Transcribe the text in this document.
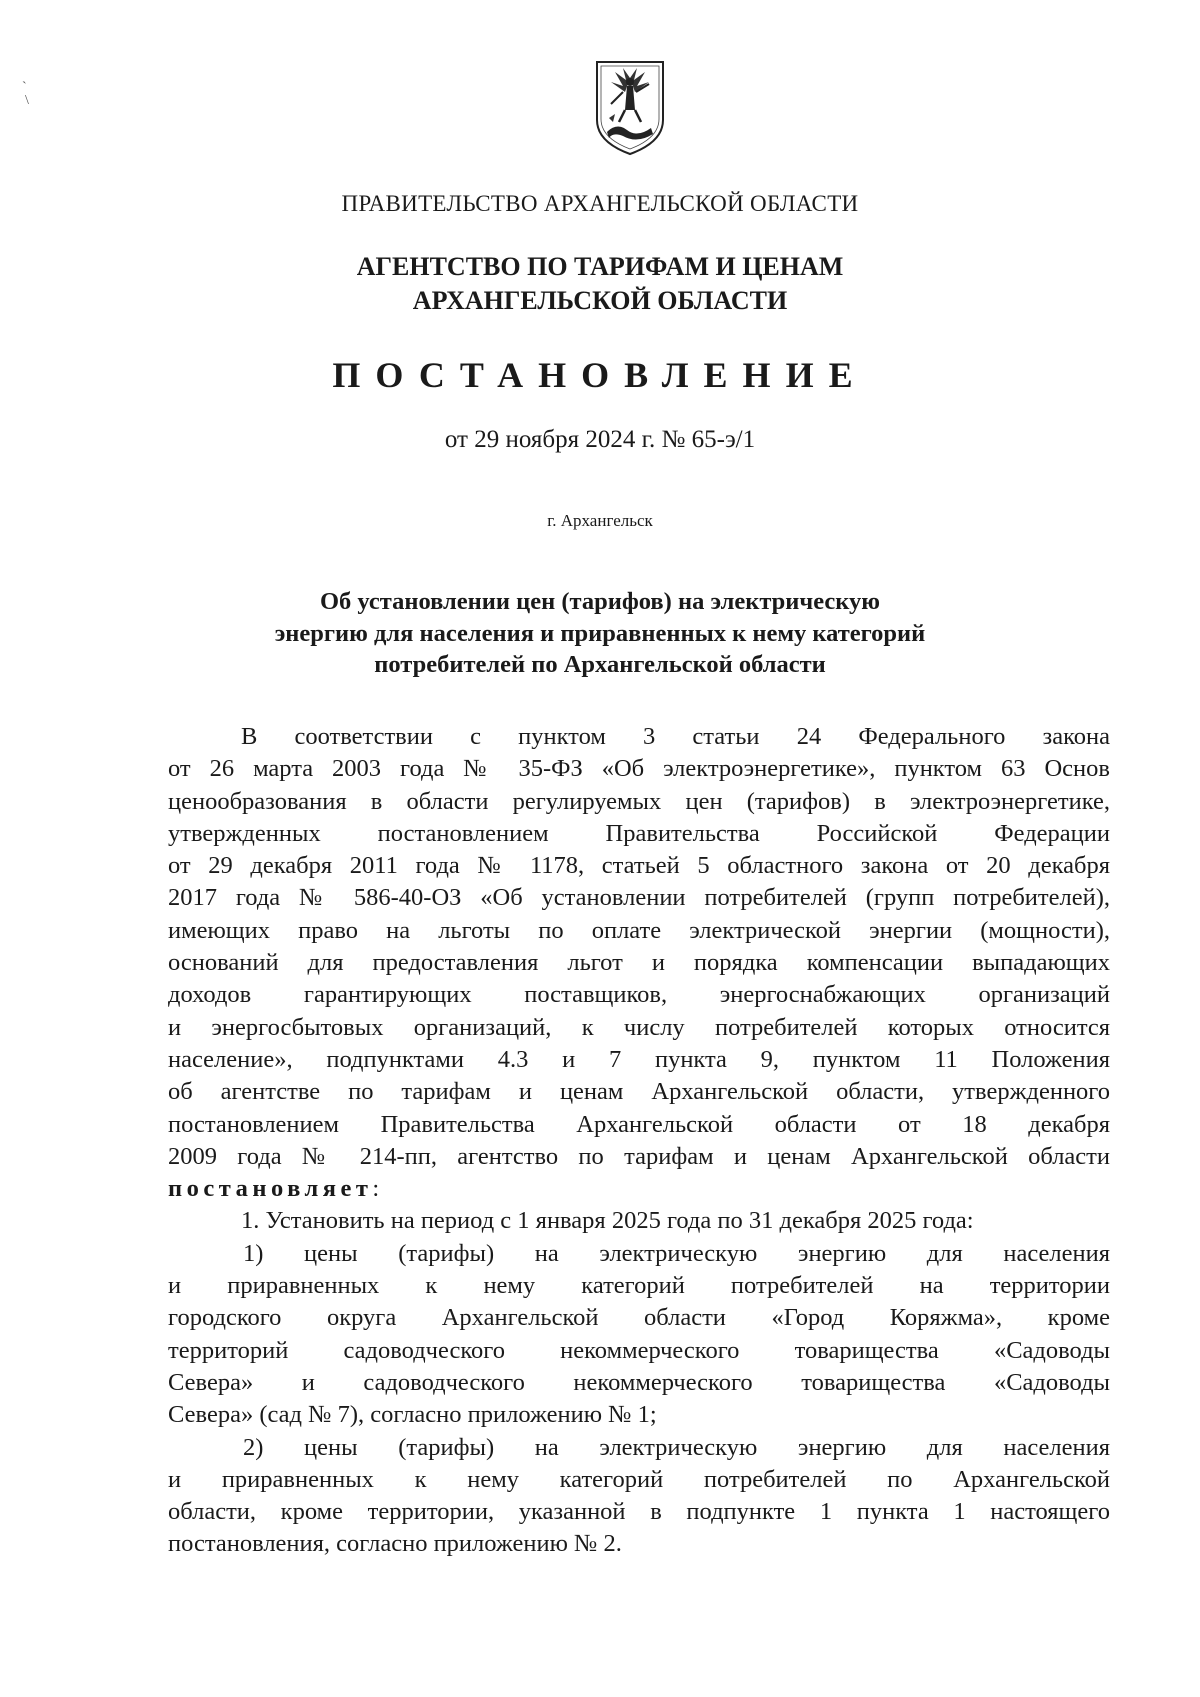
ˋ
\
ПРАВИТЕЛЬСТВО АРХАНГЕЛЬСКОЙ ОБЛАСТИ
АГЕНТСТВО ПО ТАРИФАМ И ЦЕНАМ
АРХАНГЕЛЬСКОЙ ОБЛАСТИ
ПОСТАНОВЛЕНИЕ
от 29 ноября 2024 г. № 65-э/1
г. Архангельск
Об установлении цен (тарифов) на электрическую
энергию для населения и приравненных к нему категорий
потребителей по Архангельской области
В соответствии с пунктом 3 статьи 24 Федерального закона
от 26 марта 2003 года № 35-ФЗ «Об электроэнергетике», пунктом 63 Основ
ценообразования в области регулируемых цен (тарифов) в электроэнергетике,
утвержденных постановлением Правительства Российской Федерации
от 29 декабря 2011 года № 1178, статьей 5 областного закона от 20 декабря
2017 года № 586-40-ОЗ «Об установлении потребителей (групп потребителей),
имеющих право на льготы по оплате электрической энергии (мощности),
оснований для предоставления льгот и порядка компенсации выпадающих
доходов гарантирующих поставщиков, энергоснабжающих организаций
и энергосбытовых организаций, к числу потребителей которых относится
население», подпунктами 4.3 и 7 пункта 9, пунктом 11 Положения
об агентстве по тарифам и ценам Архангельской области, утвержденного
постановлением Правительства Архангельской области от 18 декабря
2009 года № 214-пп, агентство по тарифам и ценам Архангельской области
постановляет:
1. Установить на период с 1 января 2025 года по 31 декабря 2025 года:
1) цены (тарифы) на электрическую энергию для населения
и приравненных к нему категорий потребителей на территории
городского округа Архангельской области «Город Коряжма», кроме
территорий садоводческого некоммерческого товарищества «Садоводы
Севера» и садоводческого некоммерческого товарищества «Садоводы
Севера» (сад № 7), согласно приложению № 1;
2) цены (тарифы) на электрическую энергию для населения
и приравненных к нему категорий потребителей по Архангельской
области, кроме территории, указанной в подпункте 1 пункта 1 настоящего
постановления, согласно приложению № 2.
